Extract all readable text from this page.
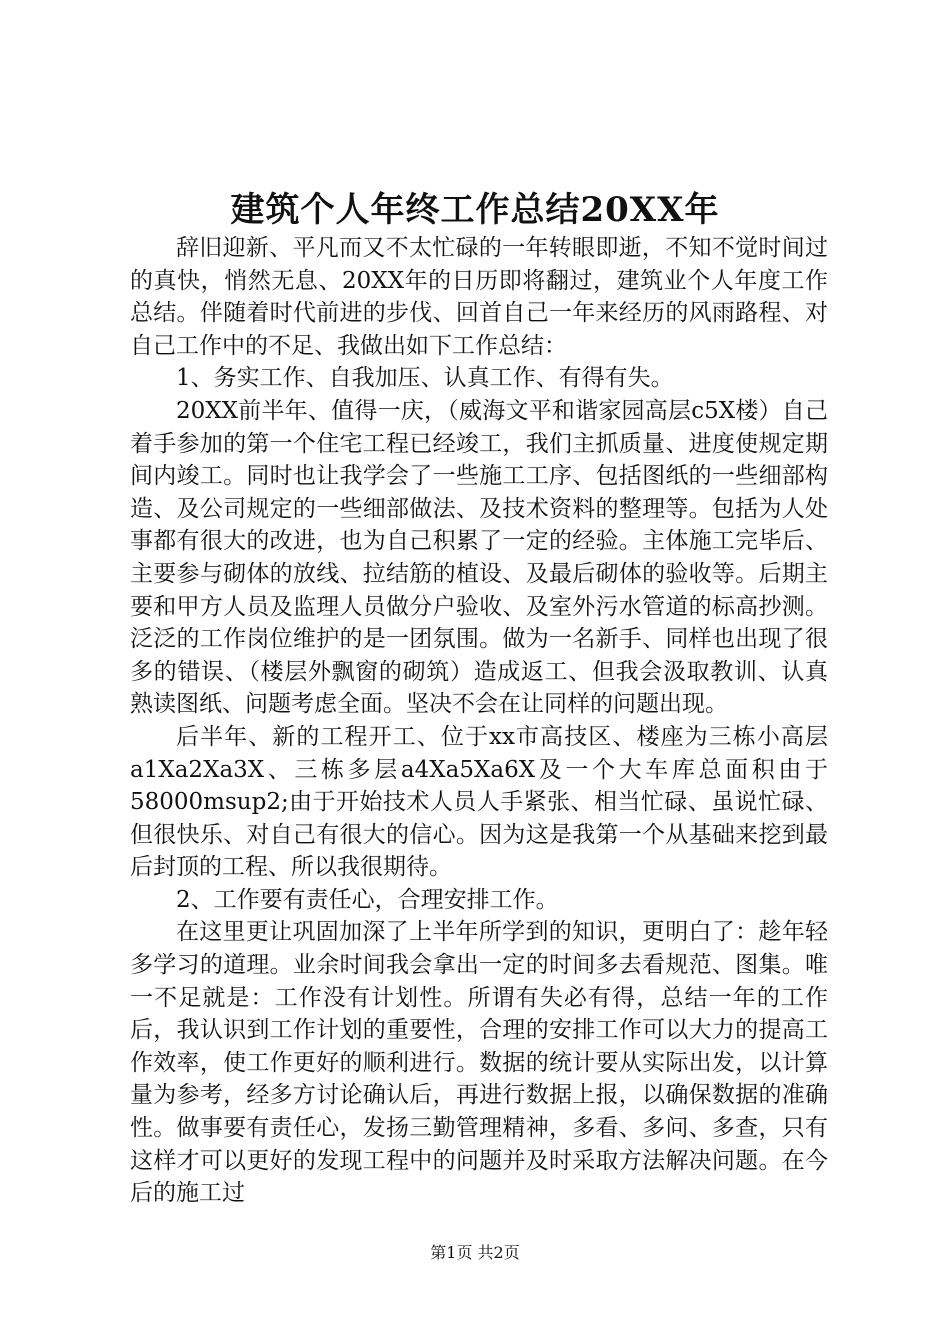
建筑个人年终工作总结20XX年

辞旧迎新、平凡而又不太忙碌的一年转眼即逝，不知不觉时间过的真快，悄然无息、20XX年的日历即将翻过，建筑业个人年度工作总结。伴随着时代前进的步伐、回首自己一年来经历的风雨路程、对自己工作中的不足、我做出如下工作总结：

1、务实工作、自我加压、认真工作、有得有失。

20XX前半年、值得一庆，（威海文平和谐家园高层c5X楼）自己着手参加的第一个住宅工程已经竣工，我们主抓质量、进度使规定期间内竣工。同时也让我学会了一些施工工序、包括图纸的一些细部构造、及公司规定的一些细部做法、及技术资料的整理等。包括为人处事都有很大的改进，也为自己积累了一定的经验。主体施工完毕后、主要参与砌体的放线、拉结筋的植设、及最后砌体的验收等。后期主要和甲方人员及监理人员做分户验收、及室外污水管道的标高抄测。泛泛的工作岗位维护的是一团氛围。做为一名新手、同样也出现了很多的错误、（楼层外飘窗的砌筑）造成返工、但我会汲取教训、认真熟读图纸、问题考虑全面。坚决不会在让同样的问题出现。

后半年、新的工程开工、位于xx市高技区、楼座为三栋小高层a1Xa2Xa3X、三栋多层a4Xa5Xa6X及一个大车库总面积由于58000msup2;由于开始技术人员人手紧张、相当忙碌、虽说忙碌、但很快乐、对自己有很大的信心。因为这是我第一个从基础来挖到最后封顶的工程、所以我很期待。

2、工作要有责任心，合理安排工作。

在这里更让巩固加深了上半年所学到的知识，更明白了：趁年轻多学习的道理。业余时间我会拿出一定的时间多去看规范、图集。唯一不足就是：工作没有计划性。所谓有失必有得，总结一年的工作后，我认识到工作计划的重要性，合理的安排工作可以大力的提高工作效率，使工作更好的顺利进行。数据的统计要从实际出发，以计算量为参考，经多方讨论确认后，再进行数据上报，以确保数据的准确性。做事要有责任心，发扬三勤管理精神，多看、多问、多查，只有这样才可以更好的发现工程中的问题并及时采取方法解决问题。在今后的施工过

第1页 共2页
